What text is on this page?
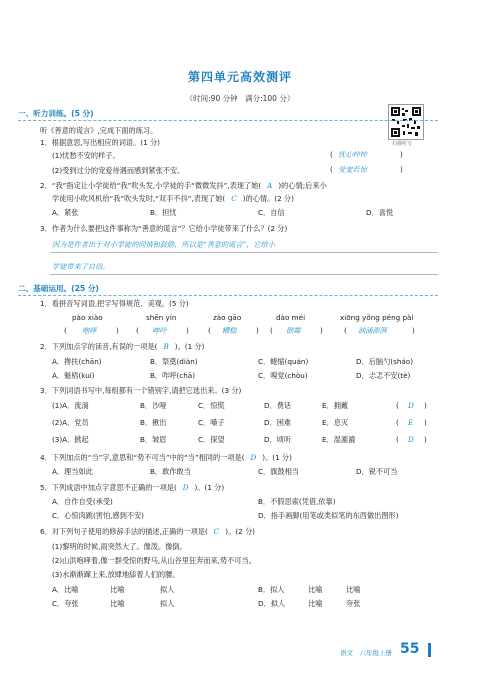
第四单元高效测评
（时间:90 分钟　满分:100 分）
扫描听写
一、听力训练。(5 分)
听《善意的谎言》,完成下面的练习。
1．根据意思,写出相应的词语。(1 分)
(1)忧愁不安的样子。	( 忧心忡忡	)
(2)受到过分的宠爱待遇而感到紧张不安。	( 受宠若惊	)
2．“我”指定让小学徒给“我”吹头发,小学徒的手“微微发抖”,表现了她( A )的心情;后来小
学徒用小吹风机给“我”吹头发时,“双手不抖”,表现了她( C )的心情。(2 分)
A．紧张	B．担忧	C．自信	D．喜悦
3．作者为什么要把这件事称为“善意的谎言”？它给小学徒带来了什么？(2 分)
因为是作者出于对小学徒的同情和鼓励，所以是“善意的谎言”，它给小
学徒带来了自信。
二、基础运用。(25 分)
1．看拼音写词语,把字写得规范、美观。(5 分)
pào xiào	shēn yín	zào gāo	dào méi	xiōng yǒng péng pài
( 咆哮	) ( 呻吟	)	( 糟糕	) ( 倒霉	)	( 汹涌澎湃	)
2．下列加点字的读音,有误的一项是( B )。(1 分)
A．搀扶(chān)	B．祭奠(diàn)	C．蜷缩(quán)	D．后脑勺(sháo)
A．魁梧(kuí)	B．咋呼(chā)	C．嗅觉(chòu)	D．忐忑不安(tè)
3．下列词语书写中,每组都有一个错别字,请把它选出来。(3 分)
(1)A．流淌	B．沙哑	C．惊慌	D．费话	E．拥戴	( D )
(2)A．党员	B．揪出	C．嗓子	D．困难	E．息灭	( E )
(3)A．掀起	B．皱眉	C．探望	D．顷听	E．湿漉漉	( D )
4．下列加点的“当”字,意思和“势不可当”中的“当”相同的一项是( D )。(1 分)
A．理当如此	B．敢作敢当	C．旗鼓相当	D．锐不可当
5．下列成语中加点字意思不正确的一项是( D )。(1 分)
A．自作自受(承受)	B．不假思索(凭借,依靠)
C．心惊肉跳(害怕,感到不安)	D．指手画脚(用笔或类似笔的东西做出图形)
6．对下列句子使用的修辞手法的描述,正确的一项是( C )。(2 分)
(1)黎明的时候,雨突然大了。像泼。像倒。
(2)山洪咆哮着,像一群受惊的野马,从山谷里狂奔而来,势不可当。
(3)水渐渐蹿上来,放肆地舔着人们的腰。
A．比喻	比喻	拟人	B．拟人	比喻	比喻
C．夸张	比喻	拟人	D．拟人	比喻	夸张
语文　六年级上册 55
